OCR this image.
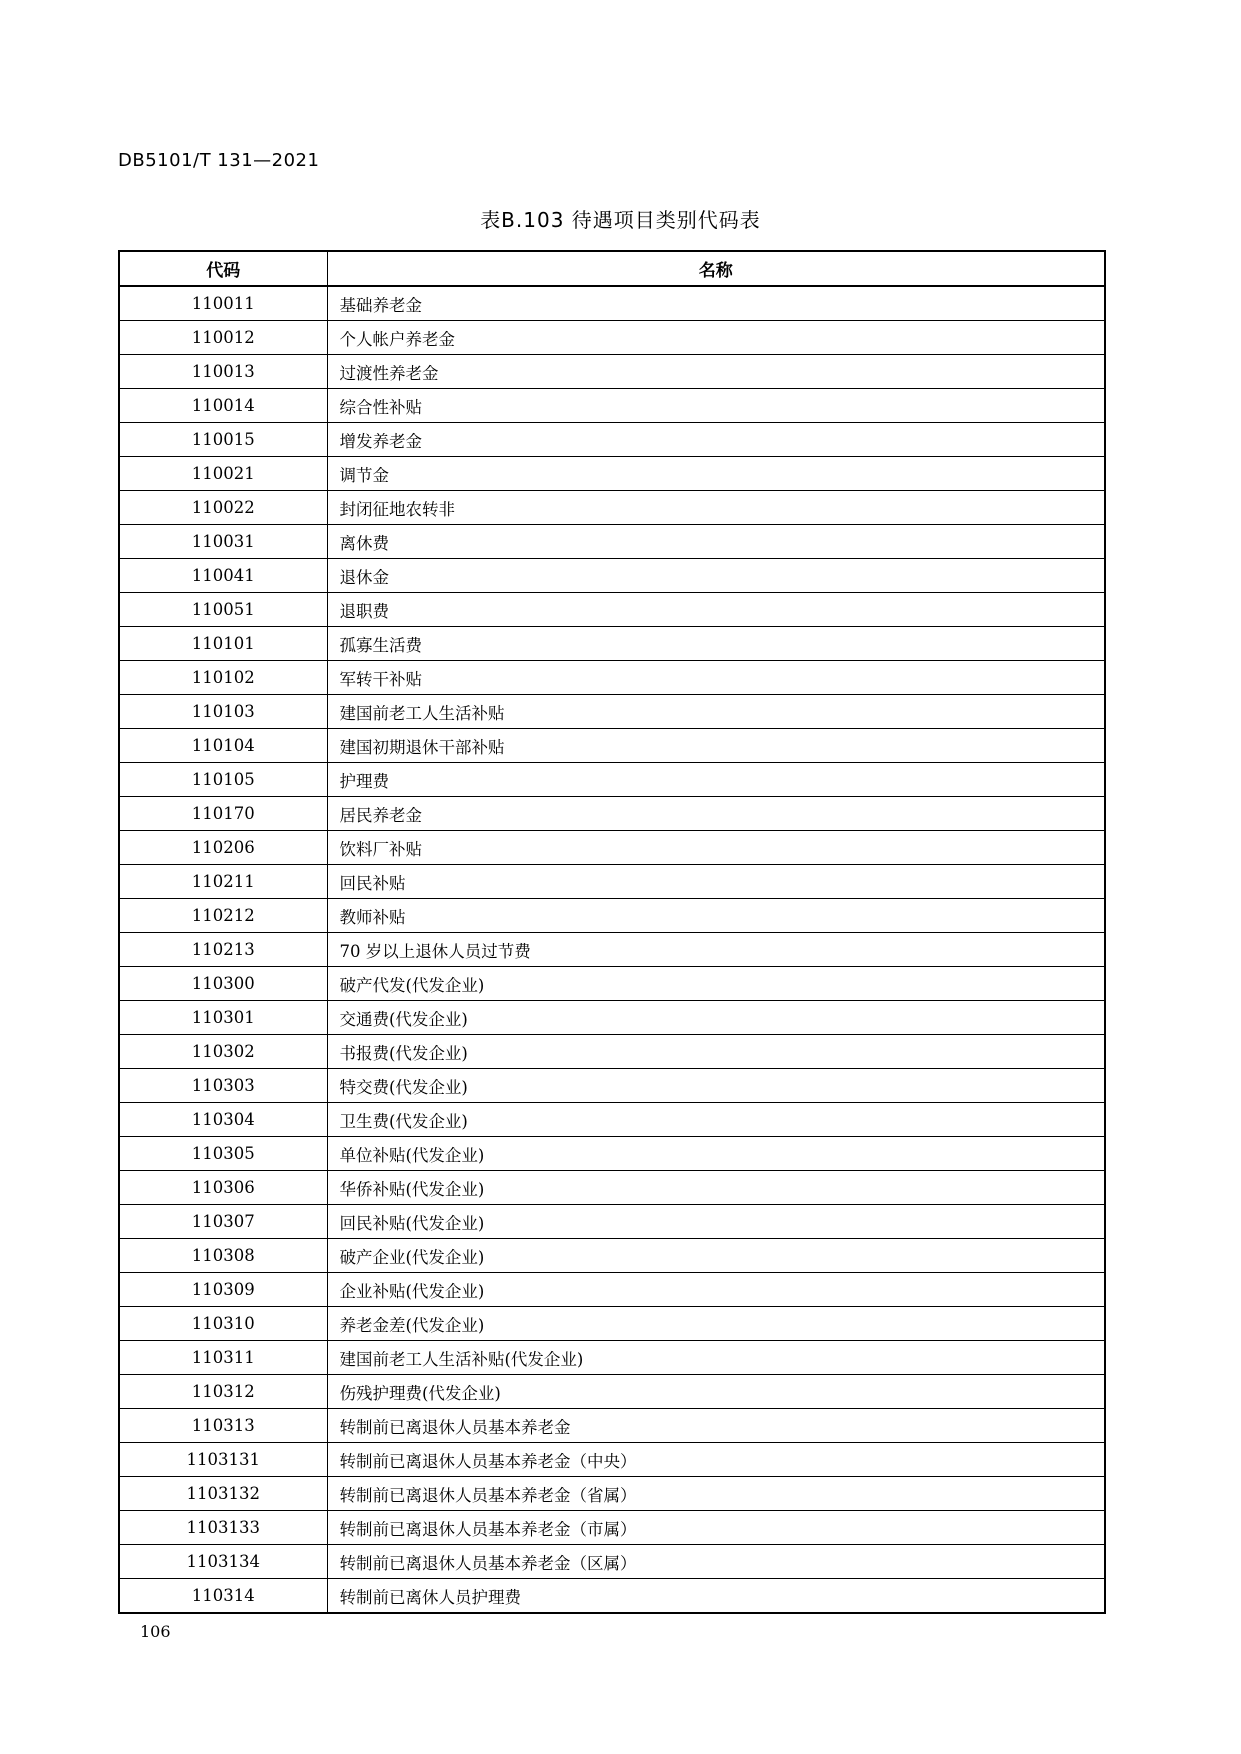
DB5101/T 131—2021
表B.103 待遇项目类别代码表
代码	名称
110011	基础养老金
110012	个人帐户养老金
110013	过渡性养老金
110014	综合性补贴
110015	增发养老金
110021	调节金
110022	封闭征地农转非
110031	离休费
110041	退休金
110051	退职费
110101	孤寡生活费
110102	军转干补贴
110103	建国前老工人生活补贴
110104	建国初期退休干部补贴
110105	护理费
110170	居民养老金
110206	饮料厂补贴
110211	回民补贴
110212	教师补贴
110213	70 岁以上退休人员过节费
110300	破产代发(代发企业)
110301	交通费(代发企业)
110302	书报费(代发企业)
110303	特交费(代发企业)
110304	卫生费(代发企业)
110305	单位补贴(代发企业)
110306	华侨补贴(代发企业)
110307	回民补贴(代发企业)
110308	破产企业(代发企业)
110309	企业补贴(代发企业)
110310	养老金差(代发企业)
110311	建国前老工人生活补贴(代发企业)
110312	伤残护理费(代发企业)
110313	转制前已离退休人员基本养老金
1103131	转制前已离退休人员基本养老金（中央）
1103132	转制前已离退休人员基本养老金（省属）
1103133	转制前已离退休人员基本养老金（市属）
1103134	转制前已离退休人员基本养老金（区属）
110314	转制前已离休人员护理费
106
